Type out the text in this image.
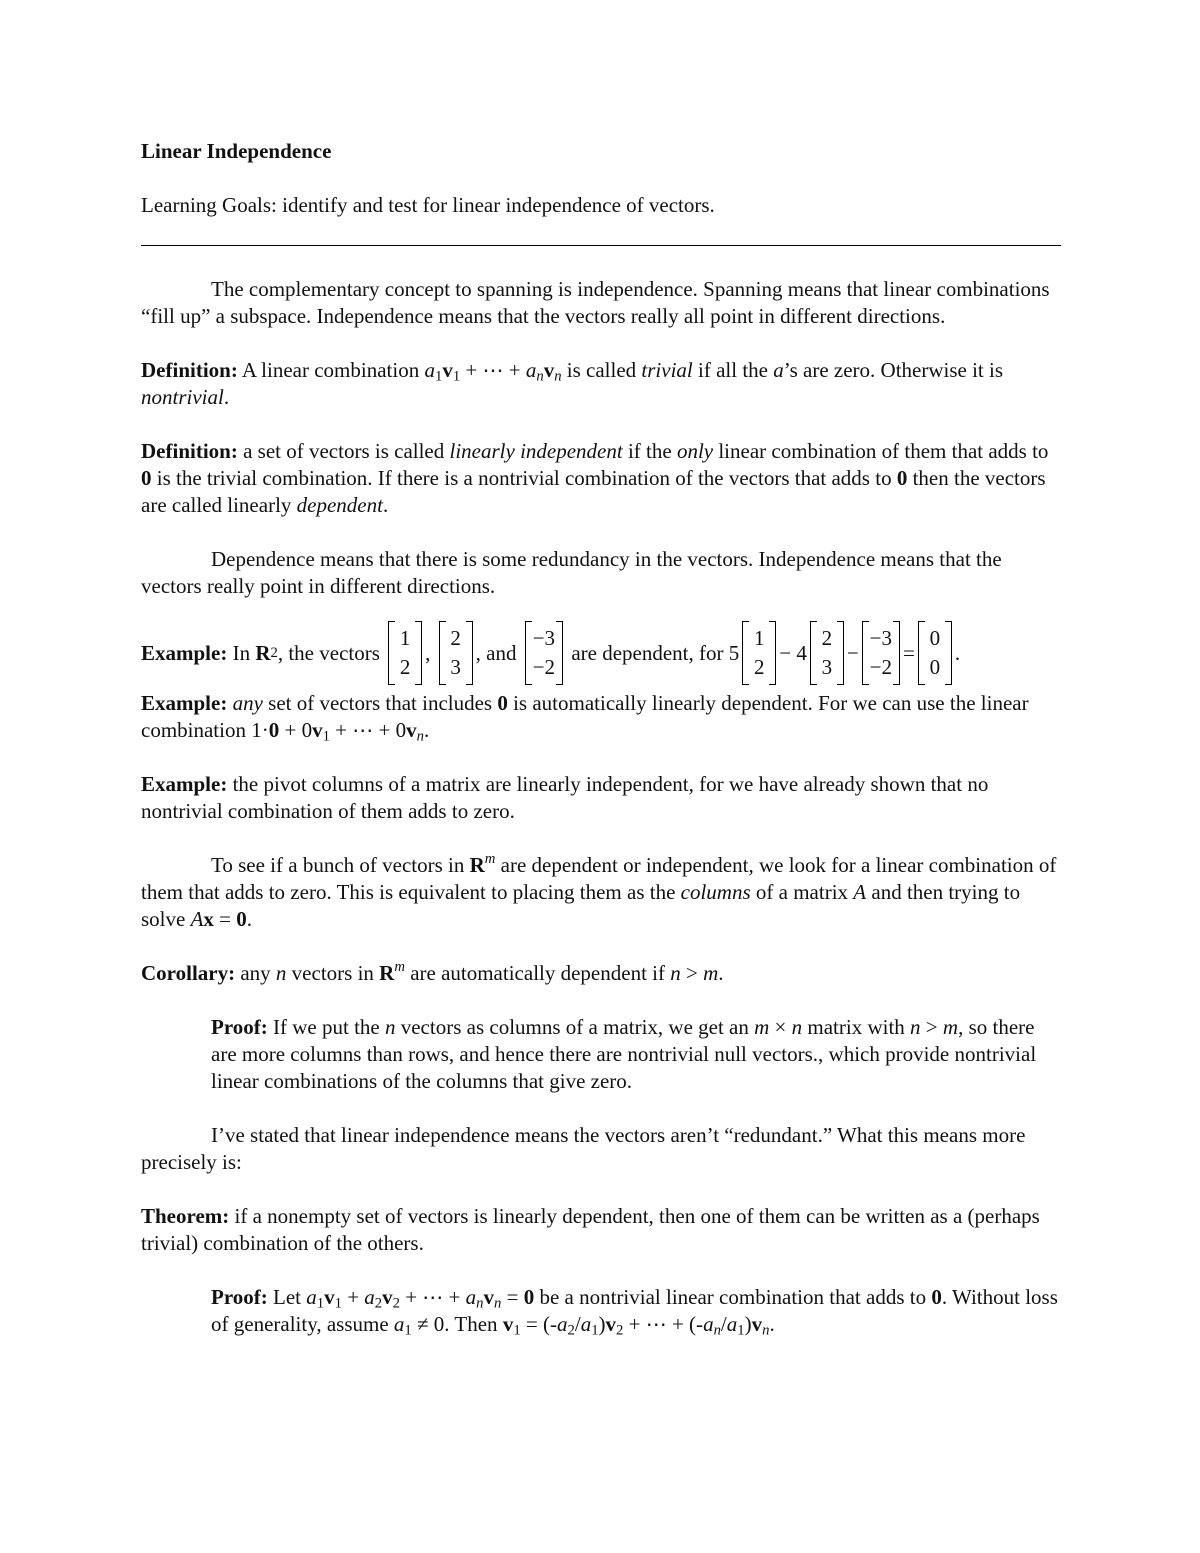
Linear Independence

Learning Goals: identify and test for linear independence of vectors.

The complementary concept to spanning is independence. Spanning means that linear combinations “fill up” a subspace. Independence means that the vectors really all point in different directions.

Definition: A linear combination $a_1v_1$ + ⋯ + $a_nv_n$ is called trivial if all the a’s are zero. Otherwise it is nontrivial.

Definition: a set of vectors is called linearly independent if the only linear combination of them that adds to 0 is the trivial combination. If there is a nontrivial combination of the vectors that adds to 0 then the vectors are called linearly dependent.

Dependence means that there is some redundancy in the vectors. Independence means that the vectors really point in different directions.

Example: In R 2 , the vectors
1
2
,
2
3
, and
−3
−2
are dependent, for 5
1
2
− 4
2
3
−
−3
−2
=
0
0
.

Example: any set of vectors that includes 0 is automatically linearly dependent. For we can use the linear combination $1\cdot 0 + 0v_1$ + ⋯ + $0v_n$.

Example: the pivot columns of a matrix are linearly independent, for we have already shown that no nontrivial combination of them adds to zero.

To see if a bunch of vectors in $R^m$ are dependent or independent, we look for a linear combination of them that adds to zero. This is equivalent to placing them as the columns of a matrix A and then trying to solve Ax = 0.

Corollary: any n vectors in $R^m$ are automatically dependent if n > m.

Proof: If we put the n vectors as columns of a matrix, we get an m × n matrix with n > m, so there are more columns than rows, and hence there are nontrivial null vectors., which provide nontrivial linear combinations of the columns that give zero.

I’ve stated that linear independence means the vectors aren’t “redundant.” What this means more precisely is:

Theorem: if a nonempty set of vectors is linearly dependent, then one of them can be written as a (perhaps trivial) combination of the others.

Proof: Let $a_1v_1 + a_2v_2$ + ⋯ + $a_nv_n = 0$ be a nontrivial linear combination that adds to 0. Without loss of generality, assume $a_1 \ne 0$. Then $v_1 = (-a_2/a_1)v_2$ + ⋯ + $(-a_n/a_1)v_n$.
